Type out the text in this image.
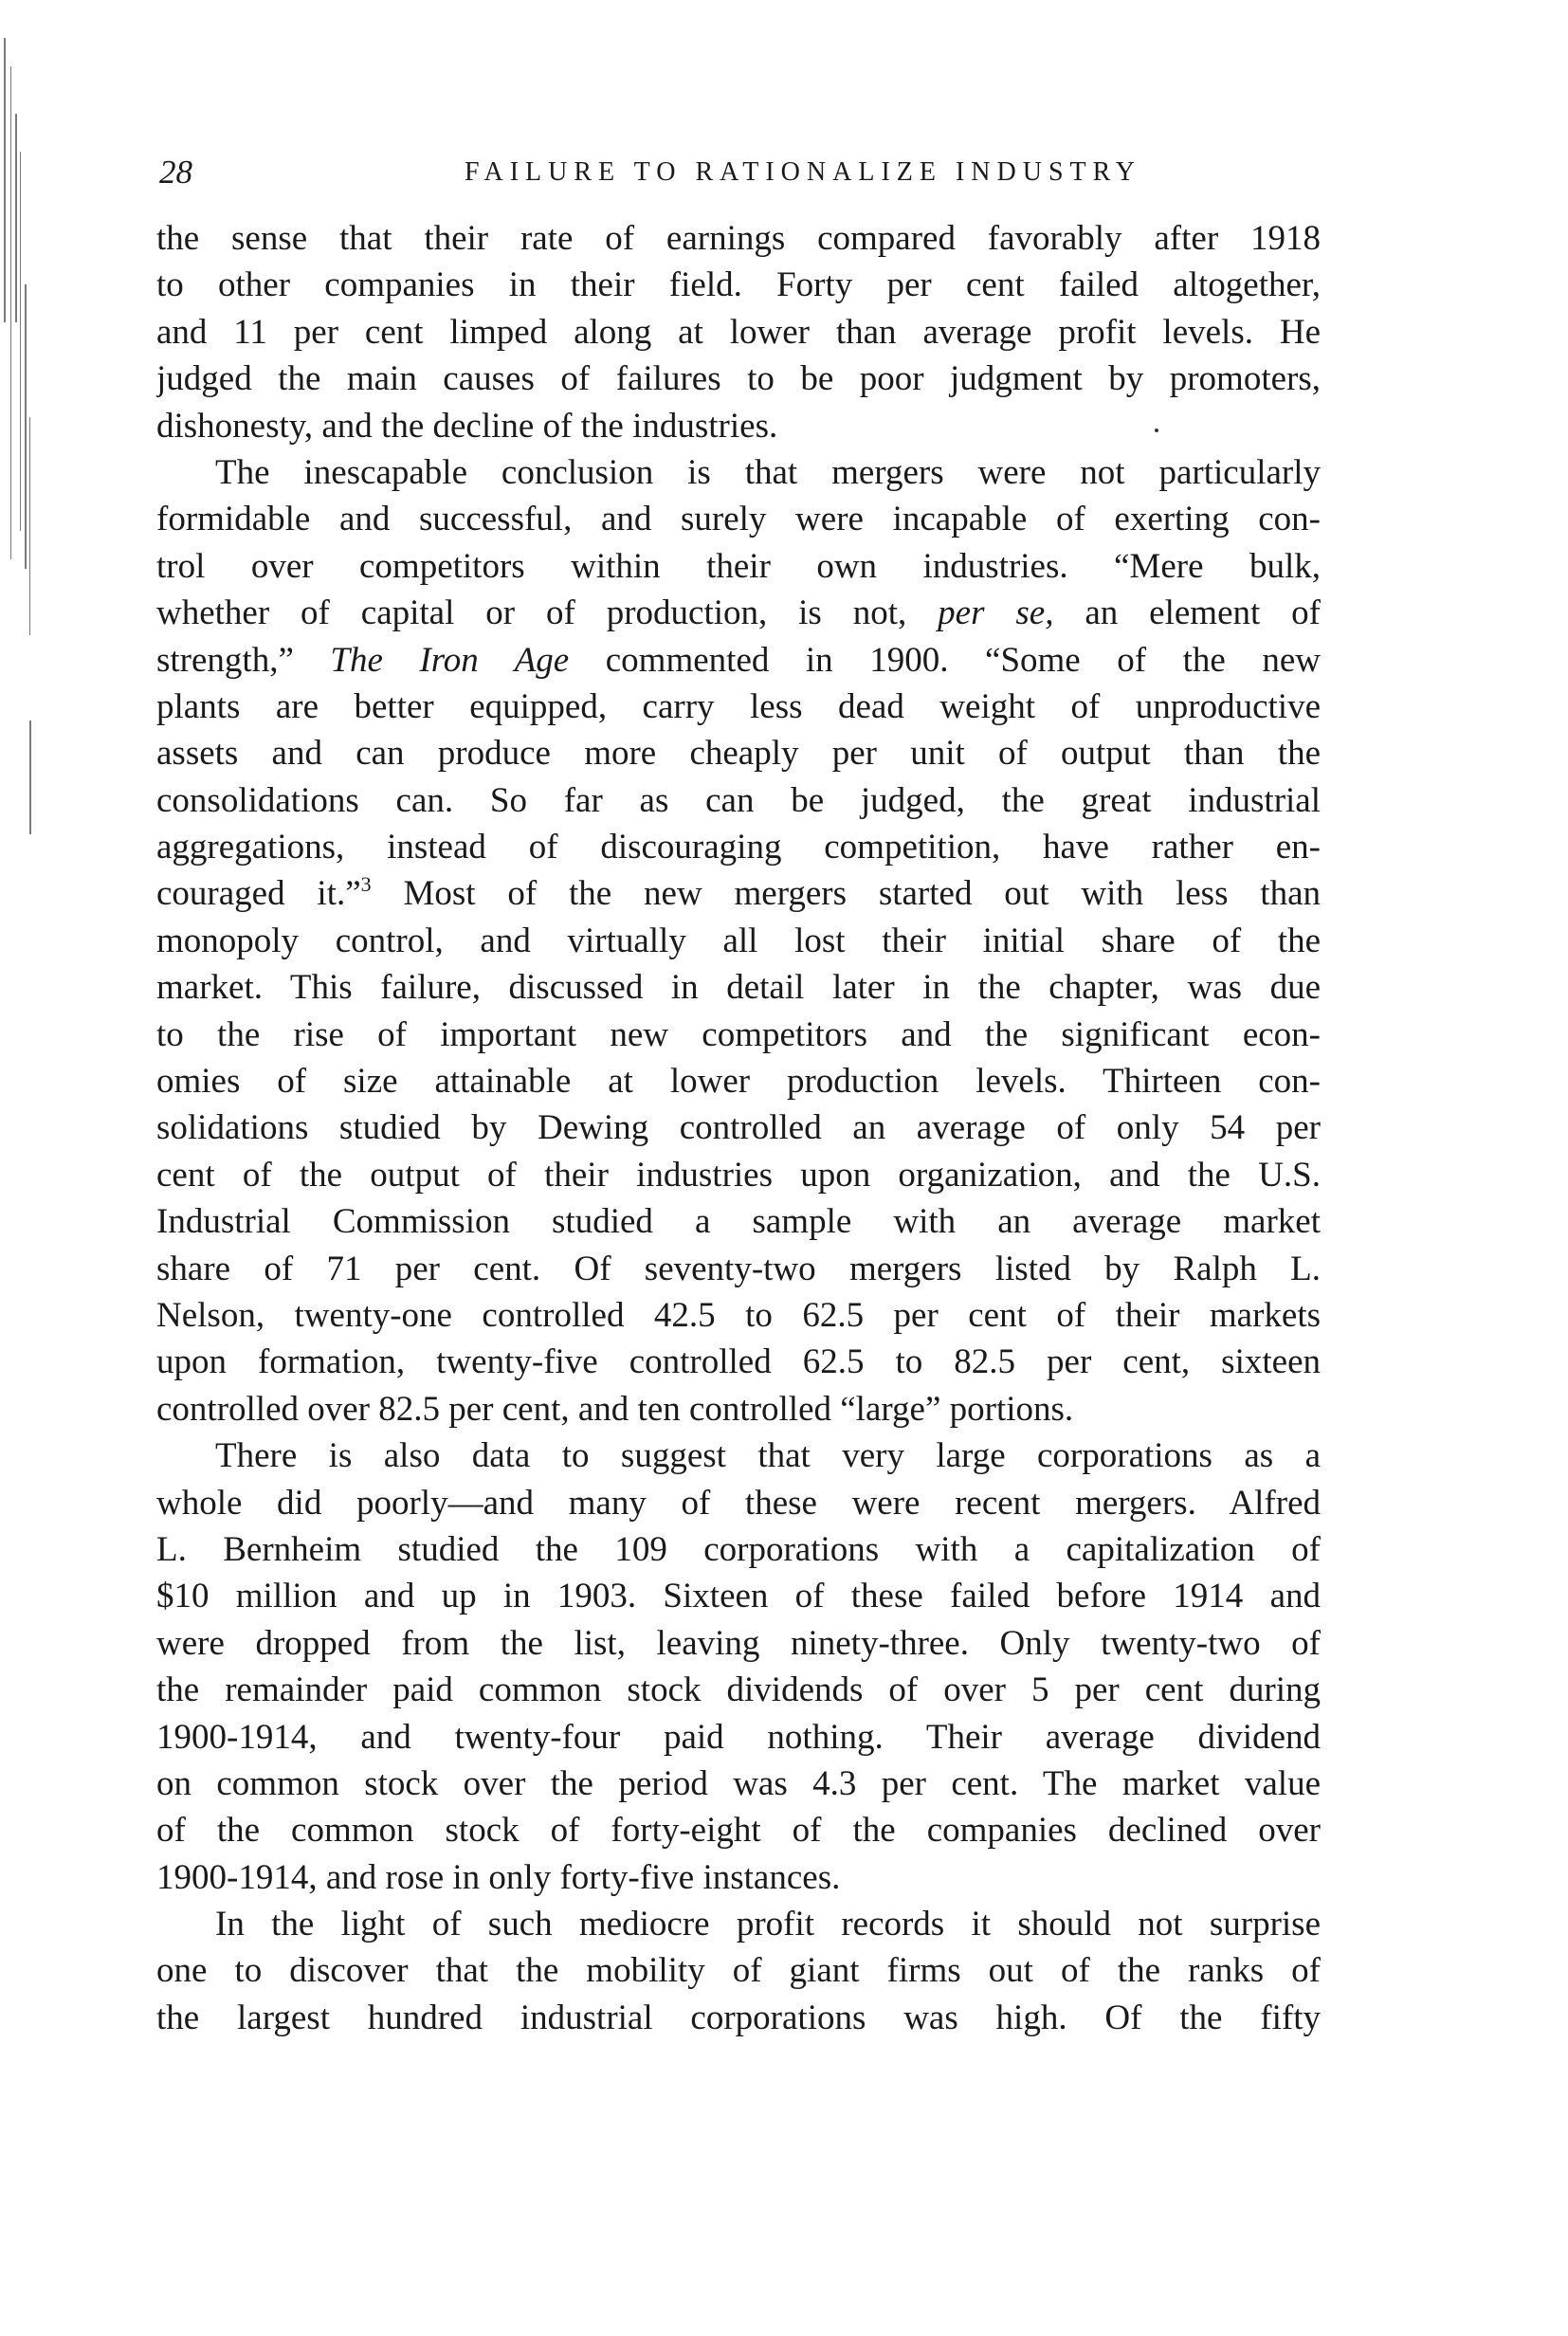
28	FAILURE TO RATIONALIZE INDUSTRY
the sense that their rate of earnings compared favorably after 1918
to other companies in their field. Forty per cent failed altogether,
and 11 per cent limped along at lower than average profit levels. He
judged the main causes of failures to be poor judgment by promoters,
dishonesty, and the decline of the industries.
The inescapable conclusion is that mergers were not particularly
formidable and successful, and surely were incapable of exerting con-
trol over competitors within their own industries. “Mere bulk,
whether of capital or of production, is not, per se, an element of
strength,” The Iron Age commented in 1900. “Some of the new
plants are better equipped, carry less dead weight of unproductive
assets and can produce more cheaply per unit of output than the
consolidations can. So far as can be judged, the great industrial
aggregations, instead of discouraging competition, have rather en-
couraged it.”$^3$ Most of the new mergers started out with less than
monopoly control, and virtually all lost their initial share of the
market. This failure, discussed in detail later in the chapter, was due
to the rise of important new competitors and the significant econ-
omies of size attainable at lower production levels. Thirteen con-
solidations studied by Dewing controlled an average of only 54 per
cent of the output of their industries upon organization, and the U.S.
Industrial Commission studied a sample with an average market
share of 71 per cent. Of seventy-two mergers listed by Ralph L.
Nelson, twenty-one controlled 42.5 to 62.5 per cent of their markets
upon formation, twenty-five controlled 62.5 to 82.5 per cent, sixteen
controlled over 82.5 per cent, and ten controlled “large” portions.
There is also data to suggest that very large corporations as a
whole did poorly—and many of these were recent mergers. Alfred
L. Bernheim studied the 109 corporations with a capitalization of
$10 million and up in 1903. Sixteen of these failed before 1914 and
were dropped from the list, leaving ninety-three. Only twenty-two of
the remainder paid common stock dividends of over 5 per cent during
1900-1914, and twenty-four paid nothing. Their average dividend
on common stock over the period was 4.3 per cent. The market value
of the common stock of forty-eight of the companies declined over
1900-1914, and rose in only forty-five instances.
In the light of such mediocre profit records it should not surprise
one to discover that the mobility of giant firms out of the ranks of
the largest hundred industrial corporations was high. Of the fifty
